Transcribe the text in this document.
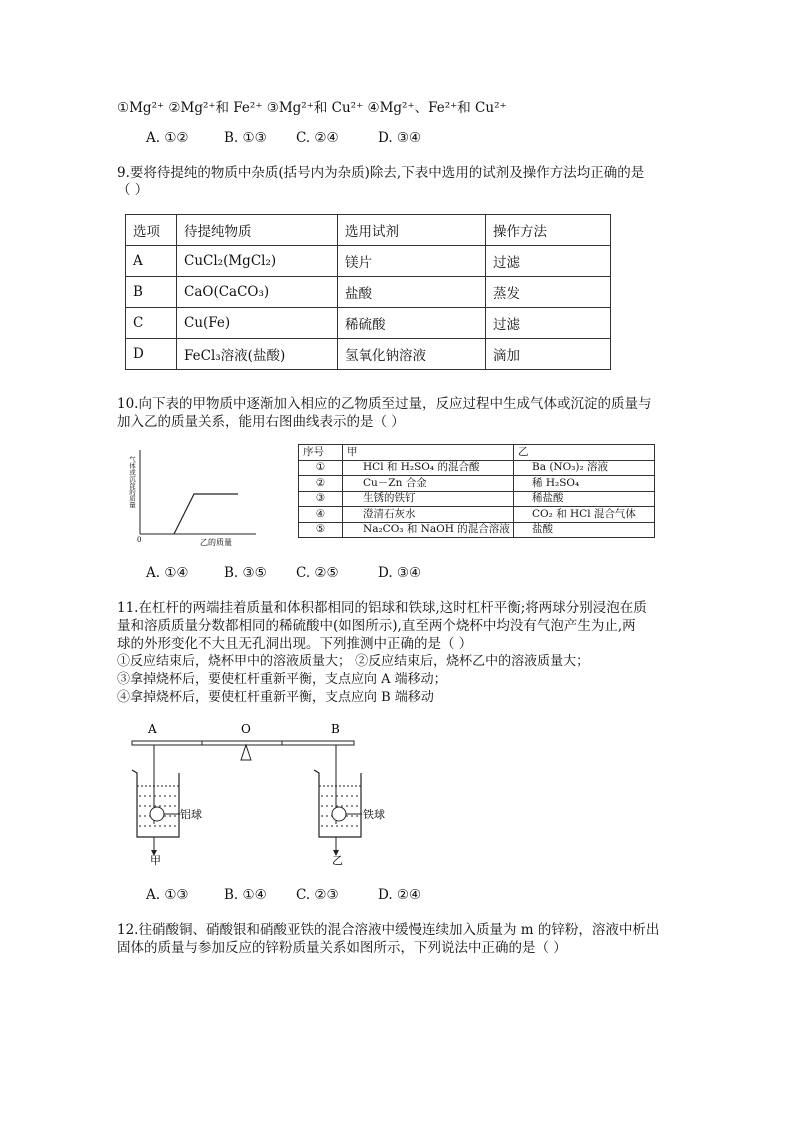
①Mg²⁺ ②Mg²⁺和 Fe²⁺ ③Mg²⁺和 Cu²⁺ ④Mg²⁺、Fe²⁺和 Cu²⁺
A. ①②	B. ①③ C. ②④	D. ③④
9.要将待提纯的物质中杂质(括号内为杂质)除去,下表中选用的试剂及操作方法均正确的是
（ ）
选项	待提纯物质	选用试剂	操作方法
A	CuCl₂(MgCl₂)	镁片	过滤
B	CaO(CaCO₃)	盐酸	蒸发
C	Cu(Fe)	稀硫酸	过滤
D	FeCl₃溶液(盐酸)	氢氧化钠溶液	滴加
10.向下表的甲物质中逐渐加入相应的乙物质至过量，反应过程中生成气体或沉淀的质量与
加入乙的质量关系，能用右图曲线表示的是（ ）
0	乙的质量
气体或沉淀的质量
序号	甲	乙
①	HCl 和 H₂SO₄ 的混合酸	Ba (NO₃)₂ 溶液
②	Cu－Zn 合金	稀 H₂SO₄
③	生锈的铁钉	稀盐酸
④	澄清石灰水	CO₂ 和 HCl 混合气体
⑤	Na₂CO₃ 和 NaOH 的混合溶液	盐酸
A. ①④	B. ③⑤ C. ②⑤	D. ③④
11.在杠杆的两端挂着质量和体积都相同的铝球和铁球,这时杠杆平衡;将两球分别浸泡在质
量和溶质质量分数都相同的稀硫酸中(如图所示),直至两个烧杯中均没有气泡产生为止,两
球的外形变化不大且无孔洞出现。下列推测中正确的是（ ）
①反应结束后，烧杯甲中的溶液质量大； ②反应结束后，烧杯乙中的溶液质量大；
③拿掉烧杯后，要使杠杆重新平衡，支点应向 A 端移动；
④拿掉烧杯后，要使杠杆重新平衡，支点应向 B 端移动
A	O	B
铝球
甲
铁球
乙
A. ①③	B. ①④ C. ②③	D. ②④
12.往硝酸铜、硝酸银和硝酸亚铁的混合溶液中缓慢连续加入质量为 m 的锌粉，溶液中析出
固体的质量与参加反应的锌粉质量关系如图所示，下列说法中正确的是（ ）
